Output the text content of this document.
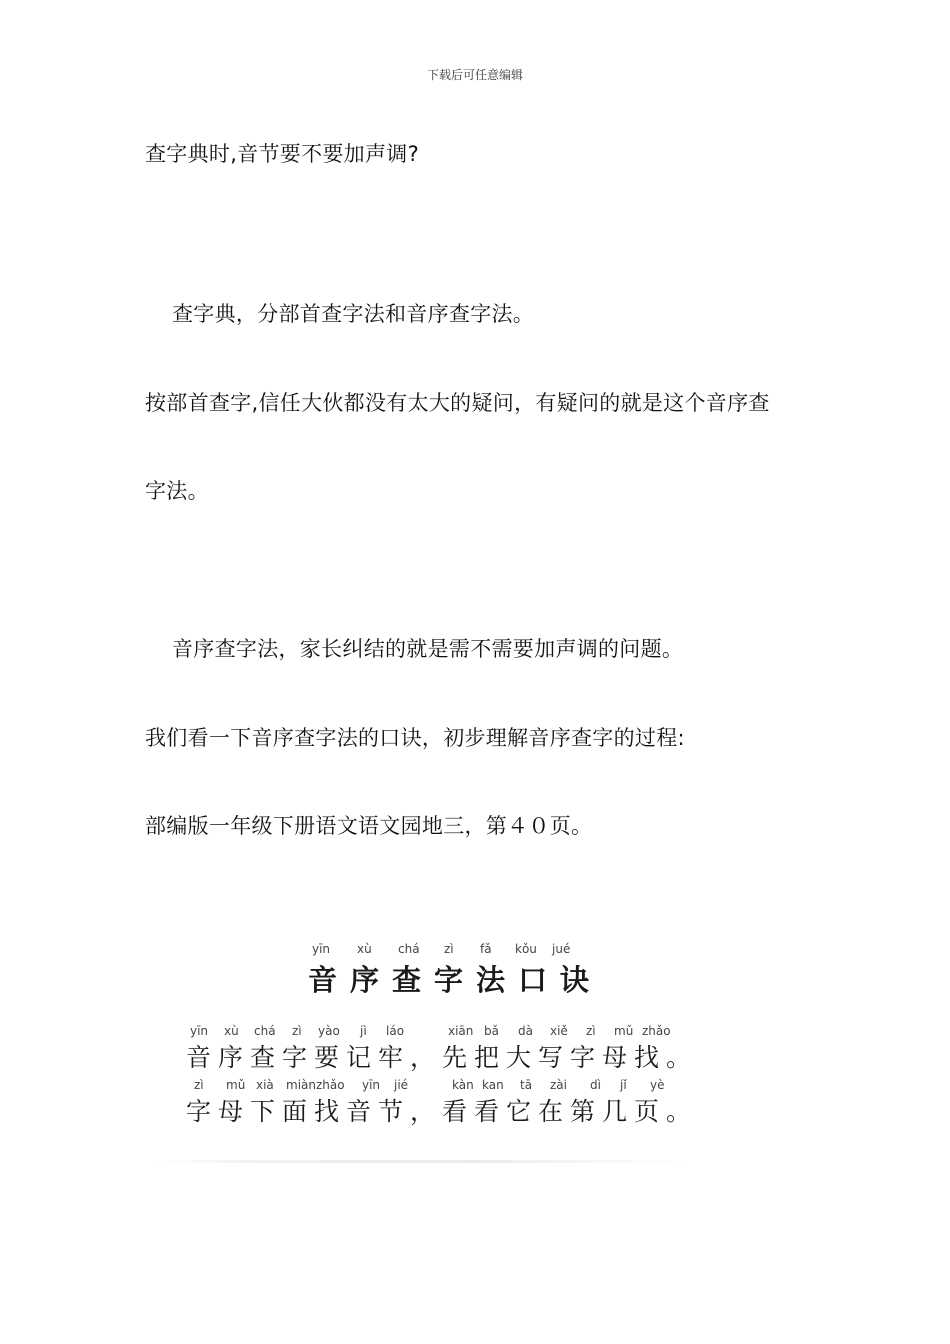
下载后可任意编辑
查字典时,音节要不要加声调?
查字典，分部首查字法和音序查字法。
按部首查字,信任大伙都没有太大的疑问，有疑问的就是这个音序查
字法。
音序查字法，家长纠结的就是需不需要加声调的问题。
我们看一下音序查字法的口诀，初步理解音序查字的过程:
部编版一年级下册语文语文园地三，第４０页。
yīn xù chá zì fǎ kǒu jué
音序查字法口诀
yīn xù chá zì yào jì láo	xiān bǎ dà xiě zì mǔ zhǎo
音序查字要记牢，先把大写字母找。
zì mǔ xià miàn zhǎo yīn jié	kàn kan tā zài dì jǐ yè
字母下面找音节，看看它在第几页。
